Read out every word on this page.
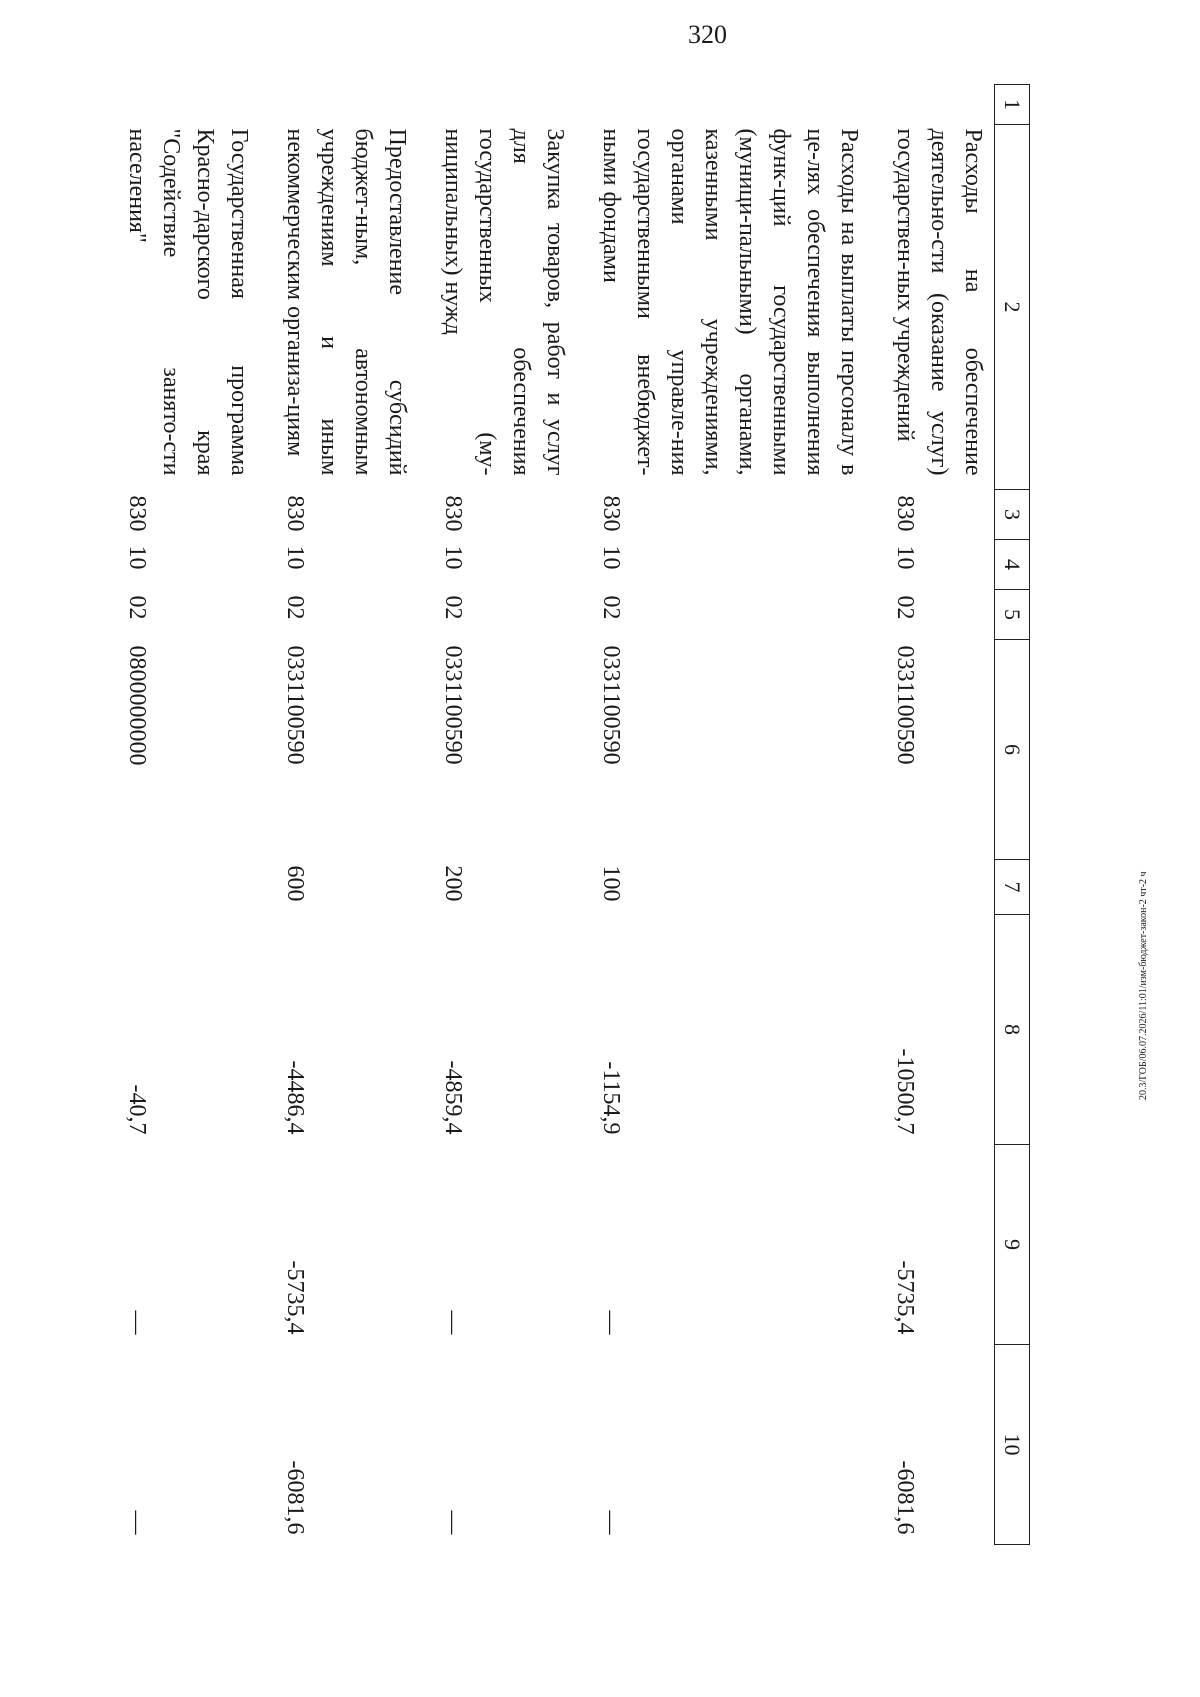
320
20.3/ГОБ/06.07.2026/11:01/изм-бюджет-закон-2 чт-2 ч
1	2	3	4	5	6	7	8	9	10
	Расходы на обеспечение деятельно-сти (оказание услуг) государствен-ных учреждений	830	10	02	0331100590		-10500,7	-5735,4	-6081,6
	Расходы на выплаты персоналу в це-лях обеспечения выполнения функ-ций государственными (муници-пальными) органами, казенными учреждениями, органами управле-ния государственными внебюджет-ными фондами	830	10	02	0331100590	100	-1154,9	—	—
	Закупка товаров, работ и услуг для обеспечения государственных (му-ниципальных) нужд	830	10	02	0331100590	200	-4859,4	—	—
	Предоставление субсидий бюджет-ным, автономным учреждениям и иным некоммерческим организа-циям	830	10	02	0331100590	600	-4486,4	-5735,4	-6081,6
	Государственная программа Красно-дарского края "Содействие занято-сти населения"	830	10	02	0800000000		-40,7	—	—
